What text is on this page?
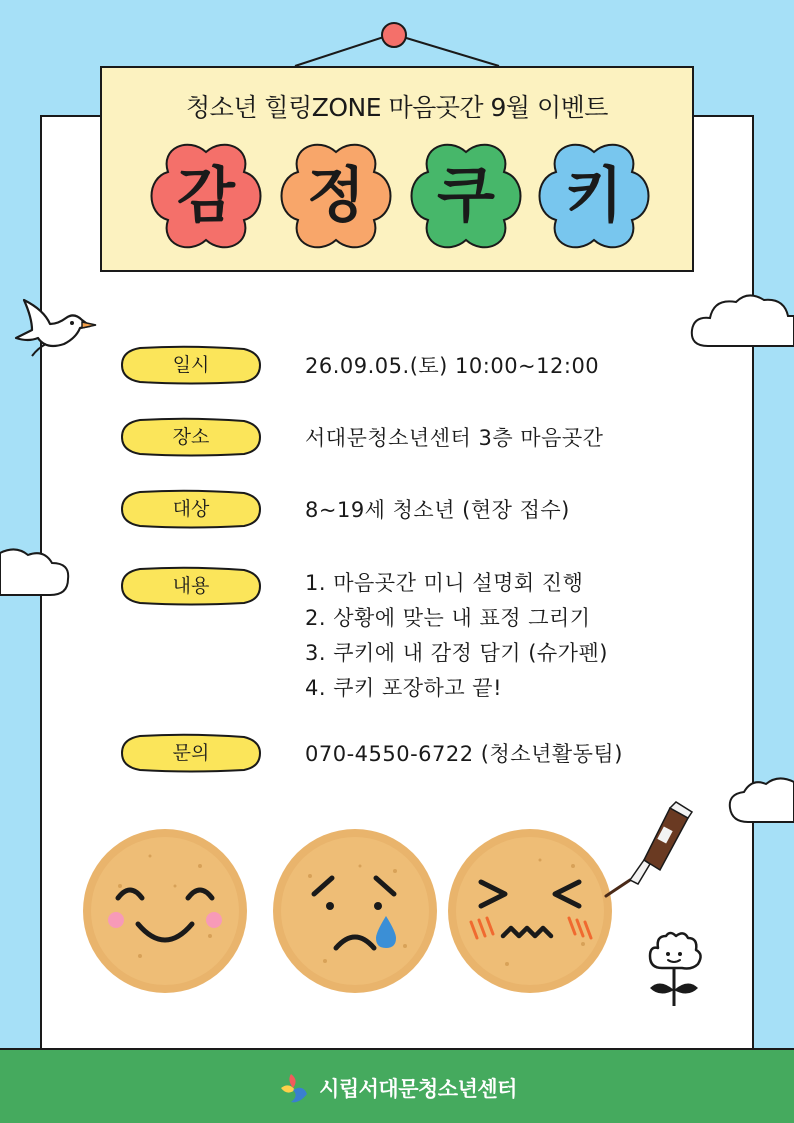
청소년 힐링ZONE 마음곳간 9월 이벤트
감	정	쿠	키
일시	26.09.05.(토) 10:00~12:00
장소	서대문청소년센터 3층 마음곳간
대상	8~19세 청소년 (현장 접수)
내용	1. 마음곳간 미니 설명회 진행
2. 상황에 맞는 내 표정 그리기
3. 쿠키에 내 감정 담기 (슈가펜)
4. 쿠키 포장하고 끝!
문의	070-4550-6722 (청소년활동팀)
시립서대문청소년센터
